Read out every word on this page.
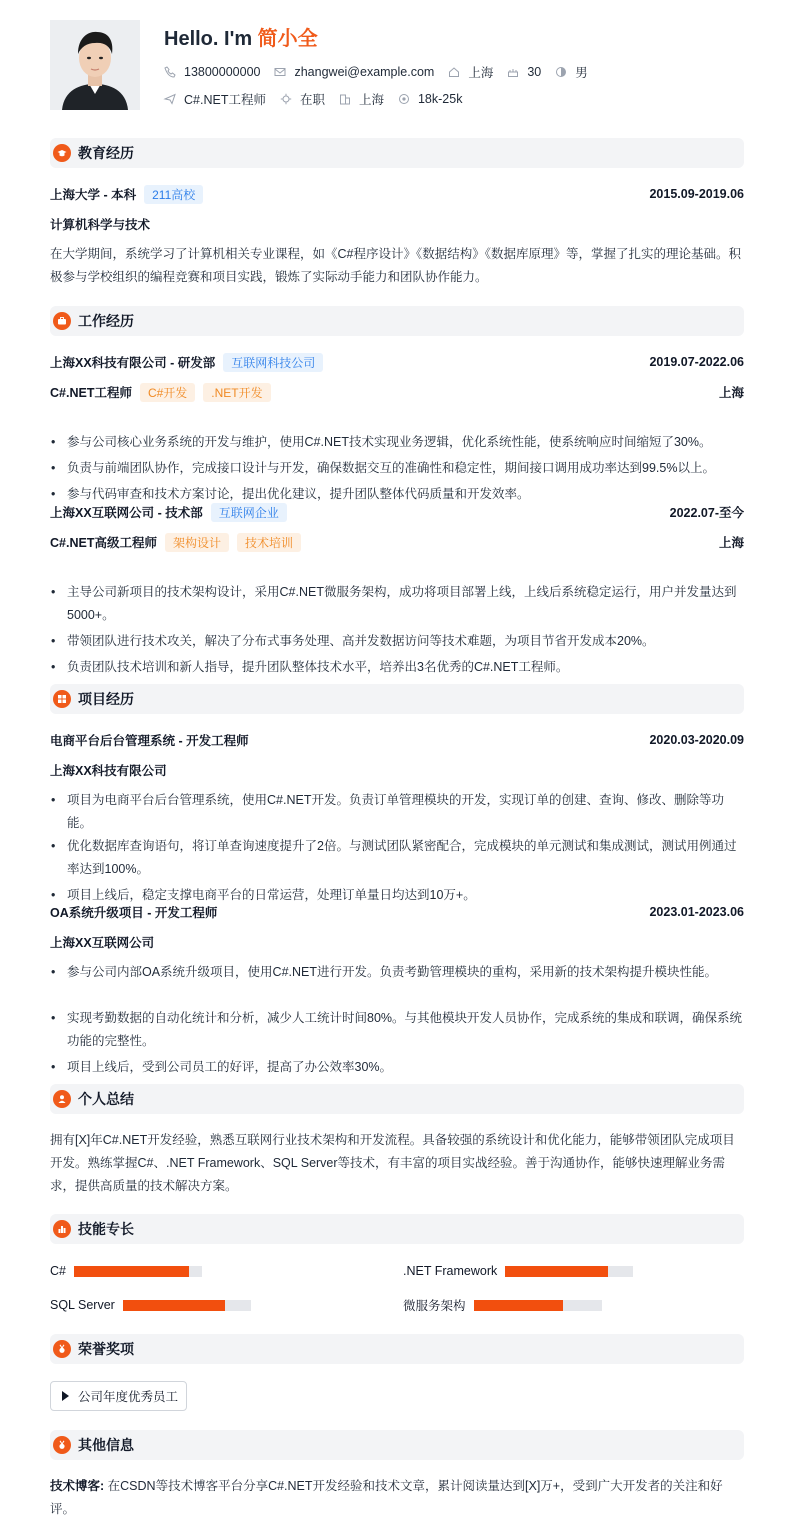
Hello. I'm 简小全
13800000000	zhangwei@example.com	上海	30	男
C#.NET工程师	在职	上海	18k-25k
教育经历
上海大学 - 本科	211高校	2015.09-2019.06
计算机科学与技术
在大学期间，系统学习了计算机相关专业课程，如《C#程序设计》《数据结构》《数据库原理》等，掌握了扎实的理论基础。积极参与学校组织的编程竞赛和项目实践，锻炼了实际动手能力和团队协作能力。
工作经历
上海XX科技有限公司 - 研发部	互联网科技公司	2019.07-2022.06
C#.NET工程师	C#开发	.NET开发	上海
• 参与公司核心业务系统的开发与维护，使用C#.NET技术实现业务逻辑，优化系统性能，使系统响应时间缩短了30%。
• 负责与前端团队协作，完成接口设计与开发，确保数据交互的准确性和稳定性，期间接口调用成功率达到99.5%以上。
• 参与代码审查和技术方案讨论，提出优化建议，提升团队整体代码质量和开发效率。
上海XX互联网公司 - 技术部	互联网企业	2022.07-至今
C#.NET高级工程师	架构设计	技术培训	上海
• 主导公司新项目的技术架构设计，采用C#.NET微服务架构，成功将项目部署上线，上线后系统稳定运行，用户并发量达到5000+。
• 带领团队进行技术攻关，解决了分布式事务处理、高并发数据访问等技术难题，为项目节省开发成本20%。
• 负责团队技术培训和新人指导，提升团队整体技术水平，培养出3名优秀的C#.NET工程师。
项目经历
电商平台后台管理系统 - 开发工程师	2020.03-2020.09
上海XX科技有限公司
• 项目为电商平台后台管理系统，使用C#.NET开发。负责订单管理模块的开发，实现订单的创建、查询、修改、删除等功能。
• 优化数据库查询语句，将订单查询速度提升了2倍。与测试团队紧密配合，完成模块的单元测试和集成测试，测试用例通过率达到100%。
• 项目上线后，稳定支撑电商平台的日常运营，处理订单量日均达到10万+。
OA系统升级项目 - 开发工程师	2023.01-2023.06
上海XX互联网公司
• 参与公司内部OA系统升级项目，使用C#.NET进行开发。负责考勤管理模块的重构，采用新的技术架构提升模块性能。
• 实现考勤数据的自动化统计和分析，减少人工统计时间80%。与其他模块开发人员协作，完成系统的集成和联调，确保系统功能的完整性。
• 项目上线后，受到公司员工的好评，提高了办公效率30%。
个人总结
拥有[X]年C#.NET开发经验，熟悉互联网行业技术架构和开发流程。具备较强的系统设计和优化能力，能够带领团队完成项目开发。熟练掌握C#、.NET Framework、SQL Server等技术，有丰富的项目实战经验。善于沟通协作，能够快速理解业务需求，提供高质量的技术解决方案。
技能专长
C#	.NET Framework
SQL Server	微服务架构
荣誉奖项
公司年度优秀员工
其他信息
技术博客: 在CSDN等技术博客平台分享C#.NET开发经验和技术文章，累计阅读量达到[X]万+，受到广大开发者的关注和好评。
